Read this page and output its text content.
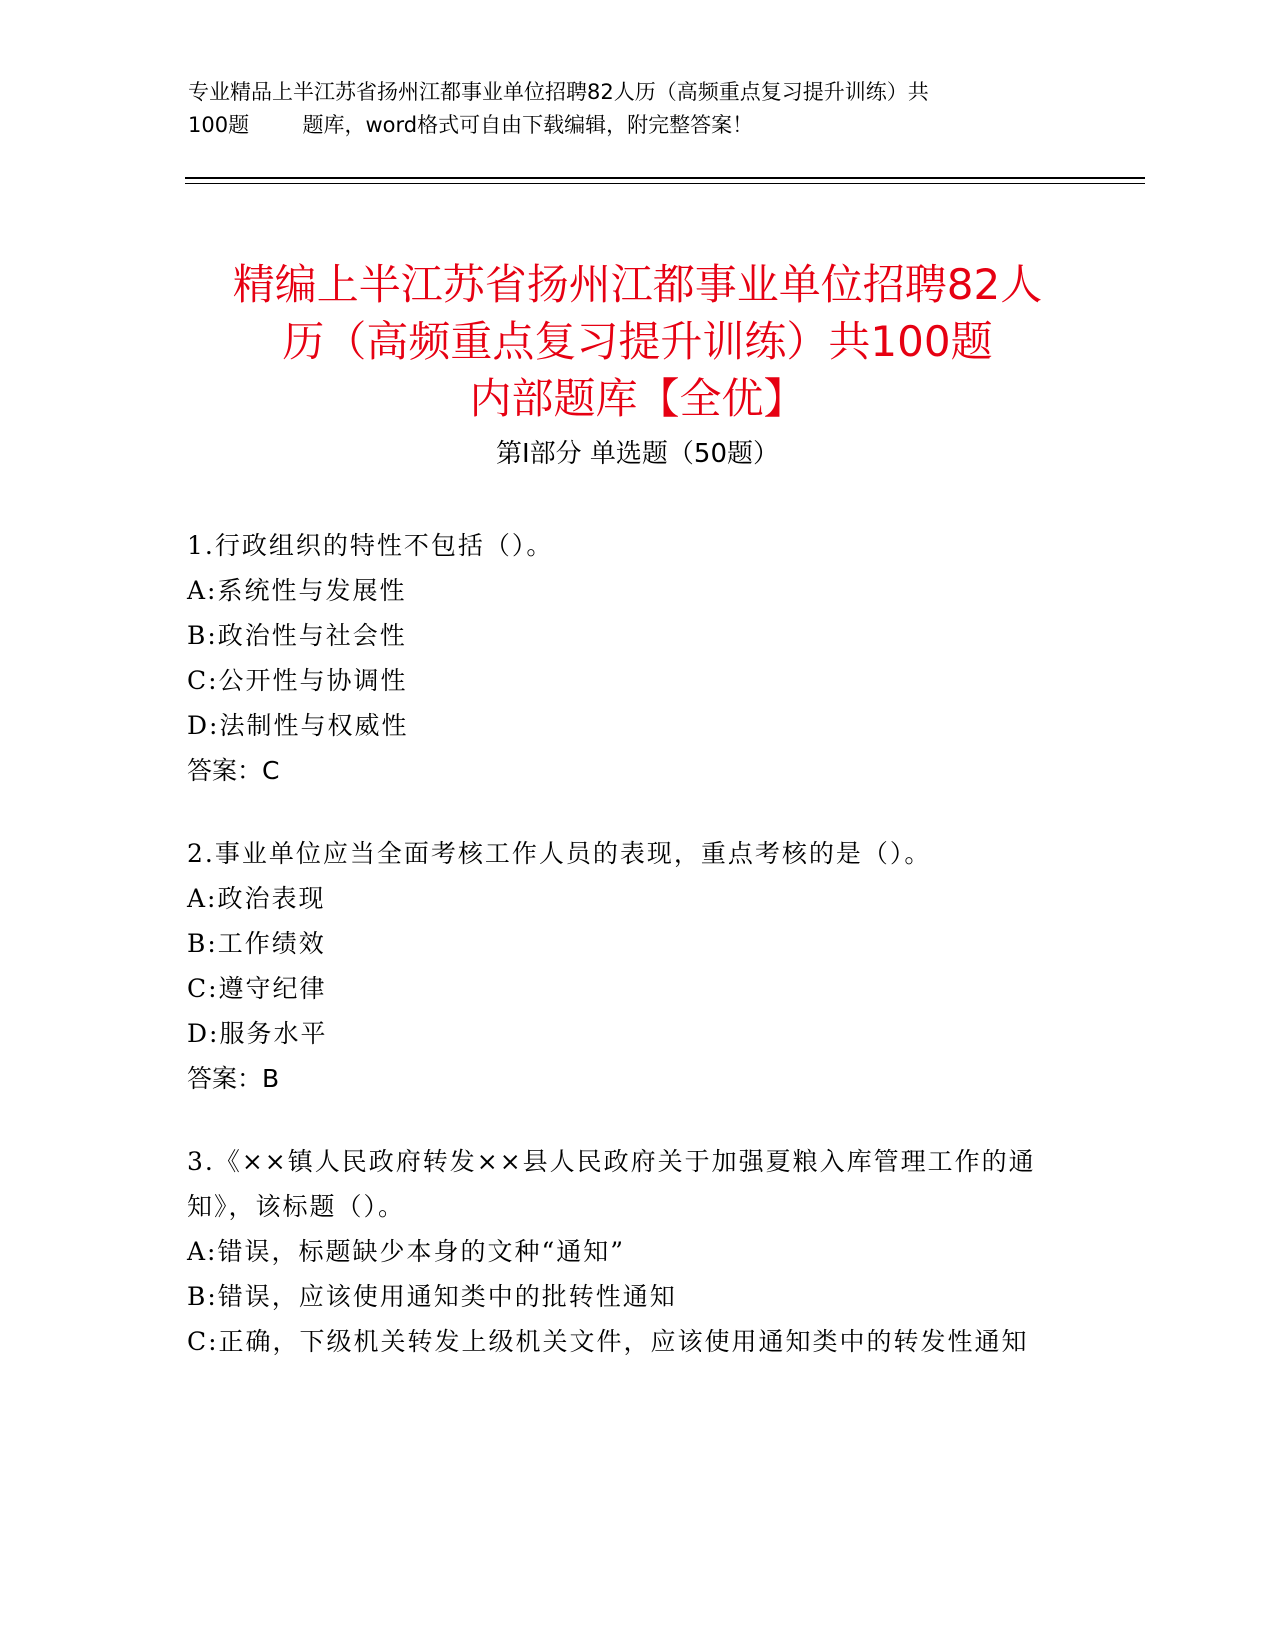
专业精品上半江苏省扬州江都事业单位招聘82人历（高频重点复习提升训练）共
100题        题库，word格式可自由下载编辑，附完整答案！
精编上半江苏省扬州江都事业单位招聘82人
历（高频重点复习提升训练）共100题
内部题库【全优】
第I部分 单选题（50题）
1.行政组织的特性不包括（）。
A:系统性与发展性
B:政治性与社会性
C:公开性与协调性
D:法制性与权威性
答案：C
2.事业单位应当全面考核工作人员的表现，重点考核的是（）。
A:政治表现
B:工作绩效
C:遵守纪律
D:服务水平
答案：B
3.《××镇人民政府转发××县人民政府关于加强夏粮入库管理工作的通知》，该标题（）。
A:错误，标题缺少本身的文种“通知”
B:错误，应该使用通知类中的批转性通知
C:正确，下级机关转发上级机关文件，应该使用通知类中的转发性通知
